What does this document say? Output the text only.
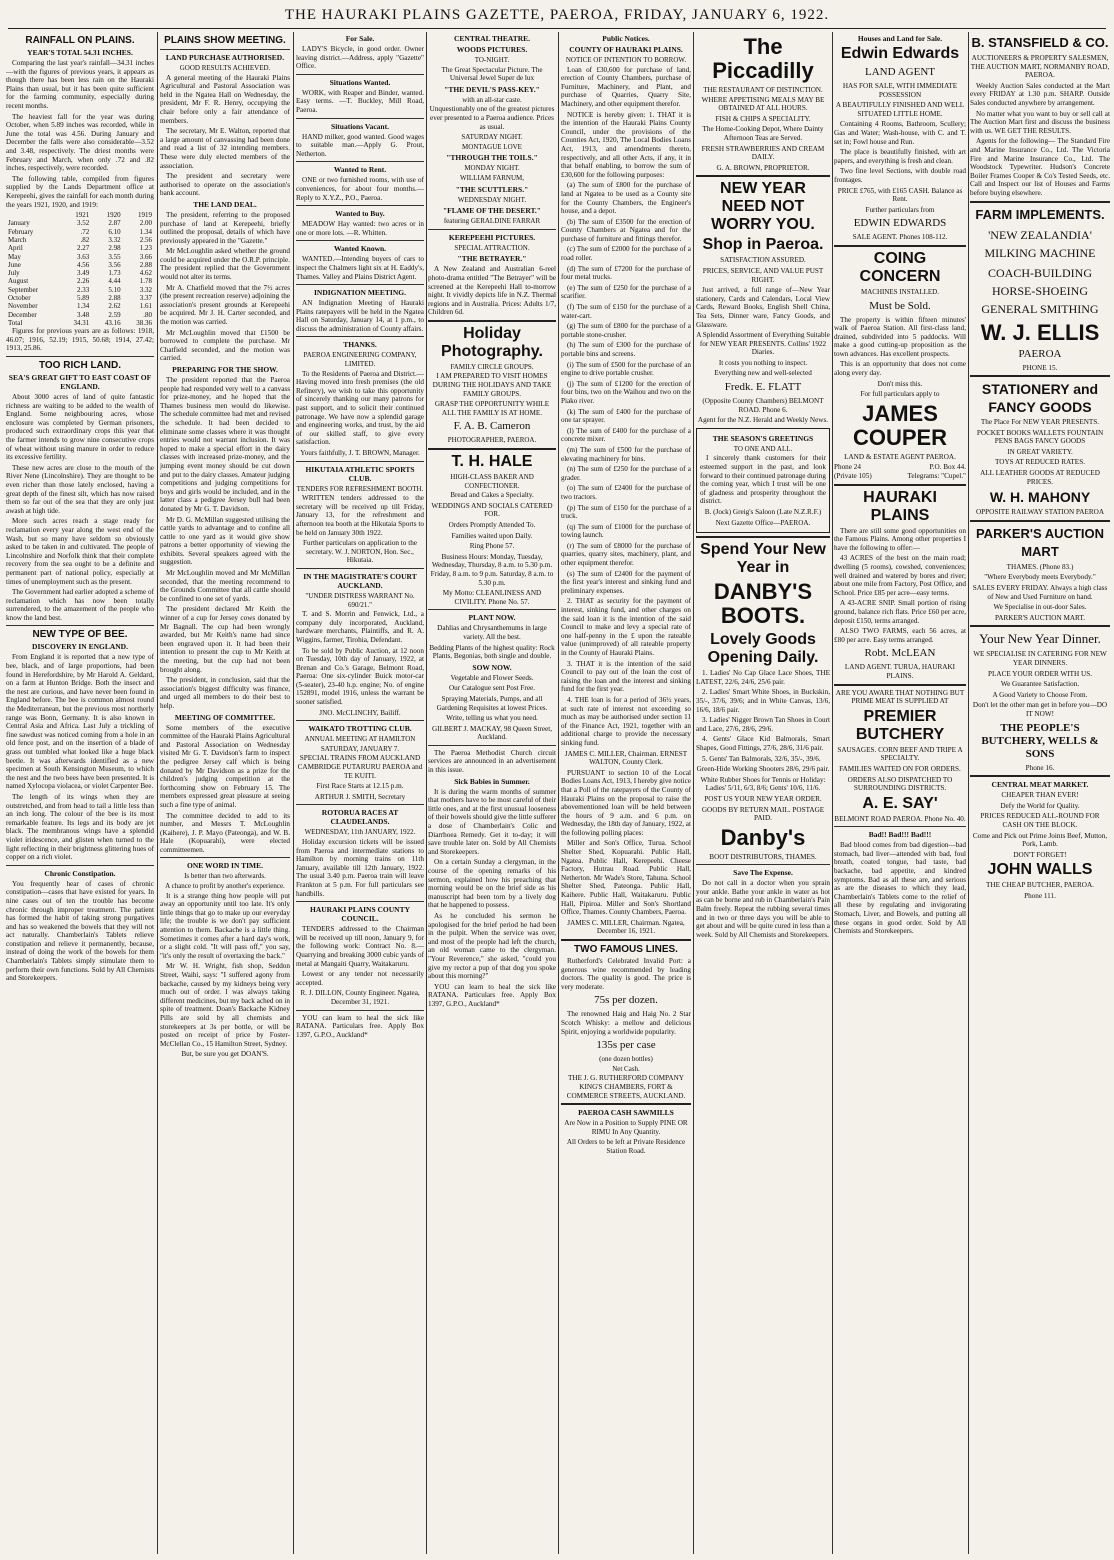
THE HAURAKI PLAINS GAZETTE, PAEROA, FRIDAY, JANUARY 6, 1922.
RAINFALL ON PLAINS.
YEAR'S TOTAL 54.31 INCHES.

Comparing the last year's rainfall—34.31 inches—with the figures of previous years, it appears as though there has been less rain on the Hauraki Plains than usual, but it has been quite sufficient for the farming community, especially during recent months.

The heaviest fall for the year was during October, when 5.89 inches was recorded, while in June the total was 4.56. During January and December the falls were also considerable—3.52 and 3.48, respectively. The driest months were February and March, when only .72 and .82 inches, respectively, were recorded.

The following table, compiled from figures supplied by the Lands Department office at Kerepeehi, gives the rainfall for each month during the years 1921, 1920, and 1919:

	1921	1920	1919
January	3.52	2.87	2.00
February	.72	6.10	1.34
March	.82	3.32	2.56
April	2.27	2.98	1.23
May	3.63	3.55	3.66
June	4.56	3.56	2.88
July	3.49	1.73	4.62
August	2.26	4.44	1.78
September	2.33	5.10	3.32
October	5.89	2.88	3.37
November	1.34	2.62	1.61
December	3.48	2.59	.80
Total	34.31	43.16	38.36

Figures for previous years are as follows: 1918, 46.07; 1916, 52.19; 1915, 50.68; 1914, 27.42; 1913, 25.86.

TOO RICH LAND.
SEA'S GREAT GIFT TO EAST COAST OF ENGLAND.

About 3000 acres of land of quite fantastic richness are waiting to be added to the wealth of England. Some neighbouring acres, whose enclosure was completed by German prisoners, produced such extraordinary crops this year that the farmer intends to grow nine consecutive crops of wheat without using manure in order to reduce its excessive fertility.

These new acres are close to the mouth of the River Nene (Lincolnshire). They are thought to be even richer than those lately enclosed, having a great depth of the finest silt, which has now raised them so far out of the sea that they are only just awash at high tide.

More such acres reach a stage ready for reclamation every year along the west end of the Wash, but so many have seldom so obviously asked to be taken in and cultivated. The people of Lincolnshire and Norfolk think that their complete recovery from the sea ought to be a definite and permanent part of national policy, especially at times of unemployment such as the present.

The Government had earlier adopted a scheme of reclamation which has now been totally surrendered, to the amazement of the people who know the land best.

NEW TYPE OF BEE.
DISCOVERY IN ENGLAND.

From England it is reported that a new type of bee, black, and of large proportions, had been found in Herefordshire, by Mr Harold A. Geldard, on a farm at Hunton Bridge. Both the insect and the nest are curious, and have never been found in England before. The bee is common almost round the Mediterranean, but the previous most northerly range was Bonn, Germany. It is also known in Central Asia and Africa. Last July a trickling of fine sawdust was noticed coming from a hole in an old fence post, and on the insertion of a blade of grass out tumbled what looked like a huge black beetle. It was afterwards identified as a new specimen at South Kensington Museum, to which the nest and the two bees have been presented. It is named Xylocopa violacea, or violet Carpenter Bee.

The length of its wings when they are outstretched, and from head to tail a little less than an inch long. The colour of the bee is its most remarkable feature. Its legs and its body are jet black. The membranous wings have a splendid violet iridescence, and glisten when turned to the light reflecting in their brightness glittering hues of copper on a rich violet.

Chronic Constipation.

You frequently hear of cases of chronic constipation—cases that have existed for years. In nine cases out of ten the trouble has become chronic through improper treatment. The patient has formed the habit of taking strong purgatives and has so weakened the bowels that they will not act naturally. Chamberlain's Tablets relieve constipation and relieve it permanently, because, instead of doing the work of the bowels for them Chamberlain's Tablets simply stimulate them to perform their own functions. Sold by All Chemists and Storekeepers.

PLAINS SHOW MEETING.
LAND PURCHASE AUTHORISED.
GOOD RESULTS ACHIEVED.

A general meeting of the Hauraki Plains Agricultural and Pastoral Association was held in the Ngatea Hall on Wednesday, the president, Mr F. R. Henry, occupying the chair before only a fair attendance of members.

The secretary, Mr E. Walton, reported that a large amount of canvassing had been done and read a list of 32 intending members. These were duly elected members of the association.

The president and secretary were authorised to operate on the association's bank account.

THE LAND DEAL.

The president, referring to the proposed purchase of land at Kerepeehi, briefly outlined the proposal, details of which have previously appeared in the "Gazette."

Mr McLoughlin asked whether the ground could be acquired under the O.R.P. principle. The president replied that the Government would not alter its terms.

Mr A. Chatfield moved that the 7½ acres (the present recreation reserve) adjoining the association's present grounds at Kerepeehi be acquired. Mr J. H. Carter seconded, and the motion was carried.

Mr McLoughlin moved that £1500 be borrowed to complete the purchase. Mr Chatfield seconded, and the motion was carried.

PREPARING FOR THE SHOW.

The president reported that the Paeroa people had responded very well to a canvass for prize-money, and he hoped that the Thames business men would do likewise. The schedule committee had met and revised the schedule. It had been decided to eliminate some classes where it was thought entries would not warrant inclusion. It was hoped to make a special effort in the dairy classes with increased prize-money, and the jumping event money should be cut down and put to the dairy classes. Amateur judging competitions and judging competitions for boys and girls would be included, and in the latter class a pedigree Jersey bull had been donated by Mr G. T. Davidson.

Mr D. G. McMillan suggested utilising the cattle yards to advantage and to confine all cattle to one yard as it would give show patrons a better opportunity of viewing the exhibits. Several speakers agreed with the suggestion.

Mr McLoughlin moved and Mr McMillan seconded, that the meeting recommend to the Grounds Committee that all cattle should be confined to one set of yards.

The president declared Mr Keith the winner of a cup for Jersey cows donated by Mr Bagnall. The cup had been wrongly awarded, but Mr Keith's name had since been engraved upon it. It had been their intention to present the cup to Mr Keith at the meeting, but the cup had not been brought along.

The president, in conclusion, said that the association's biggest difficulty was finance, and urged all members to do their best to help.

MEETING OF COMMITTEE.

Some members of the executive committee of the Hauraki Plains Agricultural and Pastoral Association on Wednesday visited Mr G. T. Davidson's farm to inspect the pedigree Jersey calf which is being donated by Mr Davidson as a prize for the children's judging competition at the forthcoming show on February 15. The members expressed great pleasure at seeing such a fine type of animal.

The committee decided to add to its number, and Messrs T. McLoughlin (Kaihere), J. P. Mayo (Pateonga), and W. B. Hale (Kopuarahi), were elected committeemen.

ONE WORD IN TIME.
Is better than two afterwards.
A chance to profit by another's experience.

It is a strange thing how people will put away an opportunity until too late. It's only little things that go to make up our everyday life; the trouble is we don't pay sufficient attention to them. Backache is a little thing. Sometimes it comes after a hard day's work, or a slight cold. "It will pass off," you say, "it's only the result of overtaxing the back."

Mr W. H. Wright, fish shop, Seddon Street, Waihi, says: "I suffered agony from backache, caused by my kidneys being very much out of order. I was always taking different medicines, but my back ached on in spite of treatment. Doan's Backache Kidney Pills are sold by all chemists and storekeepers at 3s per bottle, or will be posted on receipt of price by Foster-McClellan Co., 15 Hamilton Street, Sydney.

But, be sure you get DOAN'S.

For Sale.

LADY'S Bicycle, in good order. Owner leaving district.—Address, apply "Gazette" Office.

Situations Wanted.

WORK, with Reaper and Binder, wanted. Easy terms. —T. Buckley, Mill Road, Paeroa.

Situations Vacant.

HAND milker, good wanted. Good wages to suitable man.—Apply G. Prout, Netherton.

Wanted to Rent.

ONE or two furnished rooms, with use of conveniences, for about four months.—Reply to X.Y.Z., P.O., Paeroa.

Wanted to Buy.

MEADOW Hay wanted: two acres or in one or more lots. —R. Whitten.

Wanted Known.

WANTED.—Intending buyers of cars to inspect the Chalmers light six at H. Eaddy's, Thames. Valley and Plains District Agent.

INDIGNATION MEETING.

AN Indignation Meeting of Hauraki Plains ratepayers will be held in the Ngatea Hall on Saturday, January 14, at 1 p.m., to discuss the administration of County affairs.

THANKS.
PAEROA ENGINEERING COMPANY, LIMITED.

To the Residents of Paeroa and District.—Having moved into fresh premises (the old Refinery), we wish to take this opportunity of sincerely thanking our many patrons for past support, and to solicit their continued patronage. We have now a splendid garage and engineering works, and trust, by the aid of our skilled staff, to give every satisfaction.

Yours faithfully, J. T. BROWN, Manager.

HIKUTAIA ATHLETIC SPORTS CLUB.
TENDERS FOR REFRESHMENT BOOTH.

WRITTEN tenders addressed to the secretary will be received up till Friday, January 13, for the refreshment and afternoon tea booth at the Hikutaia Sports to be held on January 30th 1922.

Further particulars on application to the secretary. W. J. NORTON, Hon. Sec., Hikutaia.

IN THE MAGISTRATE'S COURT AUCKLAND.
"UNDER DISTRESS WARRANT No. 690/21."

T. and S. Morrin and Fenwick, Ltd., a company duly incorporated, Auckland, hardware merchants, Plaintiffs, and R. A. Wiggins, farmer, Tirohia, Defendant.

To be sold by Public Auction, at 12 noon on Tuesday, 10th day of January, 1922, at Brenan and Co.'s Garage, Belmont Road, Paeroa: One six-cylinder Buick motor-car (5-seater), 23-40 h.p. engine; No. of engine 152891, model 1916, unless the warrant be sooner satisfied.

JNO. McCLINCHY, Bailiff.

WAIKATO TROTTING CLUB.
ANNUAL MEETING AT HAMILTON
SATURDAY, JANUARY 7.

SPECIAL TRAINS FROM AUCKLAND CAMBRIDGE PUTARURU PAEROA and TE KUITI.

First Race Starts at 12.15 p.m.

ARTHUR J. SMITH, Secretary

ROTORUA RACES AT CLAUDELANDS.
WEDNESDAY, 11th JANUARY, 1922.

Holiday excursion tickets will be issued from Paeroa and intermediate stations to Hamilton by morning trains on 11th January, available till 12th January, 1922. The usual 3.40 p.m. Paeroa train will leave Frankton at 5 p.m. For full particulars see handbills.

HAURAKI PLAINS COUNTY COUNCIL.

TENDERS addressed to the Chairman will be received up till noon, January 9, for the following work: Contract No. 8.—Quarrying and breaking 3000 cubic yards of metal at Mangaiti Quarry, Waitakaruru.

Lowest or any tender not necessarily accepted.

R. J. DILLON, County Engineer. Ngatea, December 31, 1921.

YOU can learn to heal the sick like RATANA. Particulars free. Apply Box 1397, G.P.O., Auckland*

CENTRAL THEATRE.
WOODS PICTURES.
TO-NIGHT.

The Great Spectacular Picture. The Universal Jewel Super de lux

"THE DEVIL'S PASS-KEY."
with an all-star caste.

Unquestionably one of the greatest pictures ever presented to a Paeroa audience. Prices as usual.

SATURDAY NIGHT.
MONTAGUE LOVE
"THROUGH THE TOILS."
MONDAY NIGHT.
WILLIAM FARNUM,
"THE SCUTTLERS."
WEDNESDAY NIGHT.
"FLAME OF THE DESERT."
featuring GERALDINE FARRAR
KEREPEEHI PICTURES.
SPECIAL ATTRACTION.
"THE BETRAYER."

A New Zealand and Australian 6-reel photo-drama entitled "The Betrayer" will be screened at the Kerepeehi Hall to-morrow night. It vividly depicts life in N.Z. Thermal regions and in Australia. Prices: Adults 1/7, Children 6d.

Holiday Photography.
FAMILY CIRCLE GROUPS.

I AM PREPARED TO VISIT HOMES DURING THE HOLIDAYS AND TAKE FAMILY GROUPS.

GRASP THE OPPORTUNITY WHILE ALL THE FAMILY IS AT HOME.

F. A. B. Cameron
PHOTOGRAPHER, PAEROA.
T. H. HALE
HIGH-CLASS BAKER AND CONFECTIONER.

Bread and Cakes a Specialty.

WEDDINGS AND SOCIALS CATERED FOR.

Orders Promptly Attended To.

Families waited upon Daily.

Ring Phone 57.

Business Hours: Monday, Tuesday, Wednesday, Thursday, 8 a.m. to 5.30 p.m. Friday, 8 a.m. to 9 p.m. Saturday, 8 a.m. to 5.30 p.m.

My Motto: CLEANLINESS AND CIVILITY. Phone No. 57.

PLANT NOW.

Dahlias and Chrysanthemums in large variety. All the best.

Bedding Plants of the highest quality: Rock Plants, Begonias, both single and double.

SOW NOW.

Vegetable and Flower Seeds.

Our Catalogue sent Post Free.

Spraying Materials, Pumps, and all Gardening Requisites at lowest Prices.

Write, telling us what you need.

GILBERT J. MACKAY, 98 Queen Street, Auckland.

The Paeroa Methodist Church circuit services are announced in an advertisement in this issue.

Sick Babies in Summer.

It is during the warm months of summer that mothers have to be most careful of their little ones, and at the first unusual looseness of their bowels should give the little sufferer a dose of Chamberlain's Colic and Diarrhoea Remedy. Get it to-day; it will save trouble later on. Sold by All Chemists and Storekeepers.

On a certain Sunday a clergyman, in the course of the opening remarks of his sermon, explained how his preaching that morning would be on the brief side as his manuscript had been torn by a lively dog that he happened to possess.

As he concluded his sermon he apologised for the brief period he had been in the pulpit. When the service was over, and most of the people had left the church, an old woman came to the clergyman. "Your Reverence," she asked, "could you give my rector a pup of that dog you spoke about this morning?"

YOU can learn to heal the sick like RATANA. Particulars free. Apply Box 1397, G.P.O., Auckland*

Public Notices.
COUNTY OF HAURAKI PLAINS.
NOTICE OF INTENTION TO BORROW.

Loan of £30,600 for purchase of land, erection of County Chambers, purchase of Furniture, Machinery, and Plant, and purchase of Quarries, Quarry Site, Machinery, and other equipment therefor.

NOTICE is hereby given: 1. THAT it is the intention of the Hauraki Plains County Council, under the provisions of the Counties Act, 1920, The Local Bodies Loans Act, 1913, and amendments thereto, respectively, and all other Acts, if any, it in that behalf enabling, to borrow the sum of £30,600 for the following purposes:

(a) The sum of £800 for the purchase of land at Ngatea to be used as a County site for the County Chambers, the Engineer's house, and a depot.

(b) The sum of £3500 for the erection of County Chambers at Ngatea and for the purchase of furniture and fittings therefor.

(c) The sum of £2000 for the purchase of a road roller.

(d) The sum of £7200 for the purchase of four metal trucks.

(e) The sum of £250 for the purchase of a scarifier.

(f) The sum of £150 for the purchase of a water-cart.

(g) The sum of £800 for the purchase of a portable stone-crusher.

(h) The sum of £300 for the purchase of portable bins and screens.

(i) The sum of £500 for the purchase of an engine to drive portable crusher.

(j) The sum of £1200 for the erection of four bins, two on the Waihou and two on the Piako river.

(k) The sum of £400 for the purchase of one tar sprayer.

(l) The sum of £400 for the purchase of a concrete mixer.

(m) The sum of £500 for the purchase of elevating machinery for bins.

(n) The sum of £250 for the purchase of a grader.

(o) The sum of £2400 for the purchase of two tractors.

(p) The sum of £150 for the purchase of a truck.

(q) The sum of £1000 for the purchase of towing launch.

(r) The sum of £8000 for the purchase of quarries, quarry sites, machinery, plant, and other equipment therefor.

(s) The sum of £2400 for the payment of the first year's interest and sinking fund and preliminary expenses.

2. THAT as security for the payment of interest, sinking fund, and other charges on the said loan it is the intention of the said Council to make and levy a special rate of one half-penny in the £ upon the rateable value (unimproved) of all rateable property in the County of Hauraki Plains.

3. THAT it is the intention of the said Council to pay out of the loan the cost of raising the loan and the interest and sinking fund for the first year.

4. THE loan is for a period of 36½ years, at such rate of interest not exceeding so much as may be authorised under section 11 of the Finance Act, 1921, together with an additional charge to provide the necessary sinking fund.

JAMES C. MILLER, Chairman. ERNEST WALTON, County Clerk.

PURSUANT to section 10 of the Local Bodies Loans Act, 1913, I hereby give notice that a Poll of the ratepayers of the County of Hauraki Plains on the proposal to raise the abovementioned loan will be held between the hours of 9 a.m. and 6 p.m. on Wednesday, the 18th day of January, 1922, at the following polling places:

Miller and Son's Office, Turua. School Shelter Shed, Kopuarahi. Public Hall, Ngatea. Public Hall, Kerepeehi. Cheese Factory, Hutrau Road. Public Hall, Netherton. Mr Wade's Store, Tahuna. School Shelter Shed, Pateonga. Public Hall, Kaihere. Public Hall, Waitakaruru. Public Hall, Pipiroa. Miller and Son's Shortland Office, Thames. County Chambers, Paeroa.

JAMES C. MILLER, Chairman. Ngatea, December 16, 1921.

TWO FAMOUS LINES.

Rutherford's Celebrated Invalid Port: a generous wine recommended by leading doctors. The quality is good. The price is very moderate.

75s per dozen.

The renowned Haig and Haig No. 2 Star Scotch Whisky: a mellow and delicious Spirit, enjoying a worldwide popularity.

135s per case
(one dozen bottles)
Net Cash.

THE J. G. RUTHERFORD COMPANY KING'S CHAMBERS, FORT & COMMERCE STREETS, AUCKLAND.

PAEROA CASH SAWMILLS

Are Now in a Position to Supply PINE OR RIMU In Any Quantity.

All Orders to be left at Private Residence Station Road.

The Piccadilly
THE RESTAURANT OF DISTINCTION.

WHERE APPETISING MEALS MAY BE OBTAINED AT ALL HOURS.

FISH & CHIPS A SPECIALITY.

The Home-Cooking Depot, Where Dainty Afternoon Teas are Served.

FRESH STRAWBERRIES AND CREAM DAILY.

G. A. BROWN, PROPRIETOR.

NEW YEAR NEED NOT WORRY YOU.
Shop in Paeroa.

SATISFACTION ASSURED.

PRICES, SERVICE, AND VALUE PUST RIGHT.

Just arrived, a full range of—New Year stationery, Cards and Calendars, Local View Cards, Reward Books, English Shell China, Tea Sets, Dinner ware, Fancy Goods, and Glassware.

A Splendid Assortment of Everything Suitable for NEW YEAR PRESENTS. Collins' 1922 Diaries.

It costs you nothing to inspect.

Everything new and well-selected

Fredk. E. FLATT

(Opposite County Chambers) BELMONT ROAD. Phone 6.

Agent for the N.Z. Herald and Weekly News.

THE SEASON'S GREETINGS
TO ONE AND ALL.

I sincerely thank customers for their esteemed support in the past, and look forward to their continued patronage during the coming year, which I trust will be one of gladness and prosperity throughout the district.

B. (Jock) Greig's Saloon (Late N.Z.R.F.)

Next Gazette Office—PAEROA.

Spend Your New Year in
DANBY'S BOOTS.
Lovely Goods Opening Daily.

1. Ladies' No Cap Glace Lace Shoes, THE LATEST, 22/6, 24/6, 25/6 pair.

2. Ladies' Smart White Shoes, in Buckskin, 35/-, 37/6, 39/6; and in White Canvas, 13/6, 16/6, 18/6 pair.

3. Ladies' Nigger Brown Tan Shoes in Court and Lace, 27/6, 28/6, 29/6.

4. Gents' Glace Kid Balmorals, Smart Shapes, Good Fittings, 27/6, 28/6, 31/6 pair.

5. Gents' Tan Balmorals, 32/6, 35/-, 39/6.

Green-Hide Working Shooters 28/6, 29/6 pair.

White Rubber Shoes for Tennis or Holiday: Ladies' 5/11, 6/3, 8/6; Gents' 10/6, 11/6.

POST US YOUR NEW YEAR ORDER.

GOODS BY RETURN MAIL. POSTAGE PAID.

Danby's

BOOT DISTRIBUTORS, THAMES.

Save The Expense.

Do not call in a doctor when you sprain your ankle. Bathe your ankle in water as hot as can be borne and rub in Chamberlain's Pain Balm freely. Repeat the rubbing several times and in two or three days you will be able to get about and will be quite cured in less than a week. Sold by All Chemists and Storekeepers.

Houses and Land for Sale.
Edwin Edwards
LAND AGENT

HAS FOR SALE, WITH IMMEDIATE POSSESSION

A BEAUTIFULLY FINISHED AND WELL SITUATED LITTLE HOME.

Containing 4 Rooms, Bathroom, Scullery; Gas and Water; Wash-house, with C. and T. set in; Fowl house and Run.

The place is beautifully finished, with art papers, and everything is fresh and clean.

Two fine level Sections, with double road frontages.

PRICE £765, with £165 CASH. Balance as Rent.

Further particulars from

EDWIN EDWARDS

SALE AGENT. Phones 108-112.

COING CONCERN
MACHINES INSTALLED.
Must be Sold.

The property is within fifteen minutes' walk of Paeroa Station. All first-class land, drained, subdivided into 5 paddocks. Will make a good cutting-up proposition as the town advances. Has excellent prospects.

This is an opportunity that does not come along every day.

Don't miss this.

For full particulars apply to

JAMES COUPER

LAND & ESTATE AGENT PAEROA.

Phone 24	P.O. Box 44.
(Private 105)	Telegrams: "Cupel."
HAURAKI PLAINS

There are still some good opportunities on the Famous Plains. Among other properties I have the following to offer:—

43 ACRES of the best on the main road; dwelling (5 rooms), cowshed, conveniences; well drained and watered by bores and river; about one mile from Factory, Post Office, and School. Price £85 per acre—easy terms.

A 43-ACRE SNIP. Small portion of rising ground, balance rich flats. Price £60 per acre, deposit £150, terms arranged.

ALSO TWO FARMS, each 56 acres, at £80 per acre. Easy terms arranged.

Robt. McLEAN

LAND AGENT. TURUA, HAURAKI PLAINS.

ARE YOU AWARE THAT NOTHING BUT PRIME MEAT IS SUPPLIED AT

PREMIER BUTCHERY

SAUSAGES. CORN BEEF AND TRIPE A SPECIALTY.

FAMILIES WAITED ON FOR ORDERS.

ORDERS ALSO DISPATCHED TO SURROUNDING DISTRICTS.

A. E. SAY'

BELMONT ROAD PAEROA. Phone No. 40.

Bad!! Bad!!! Bad!!!

Bad blood comes from bad digestion—bad stomach, bad liver—attended with bad, foul breath, coated tongue, bad taste, bad backache, bad appetite, and kindred symptoms. Bad as all these are, and serious as are the diseases to which they lead, Chamberlain's Tablets come to the relief of all these by regulating and invigorating Stomach, Liver, and Bowels, and putting all these organs in good order. Sold by All Chemists and Storekeepers.

B. STANSFIELD & CO.

AUCTIONEERS & PROPERTY SALESMEN, THE AUCTION MART, NORMANBY ROAD, PAEROA.

Weekly Auction Sales conducted at the Mart every FRIDAY at 1.30 p.m. SHARP. Outside Sales conducted anywhere by arrangement.

No matter what you want to buy or sell call at The Auction Mart first and discuss the business with us. WE GET THE RESULTS.

Agents for the following— The Standard Fire and Marine Insurance Co., Ltd. The Victoria Fire and Marine Insurance Co., Ltd. The Woodstock Typewriter. Hudson's Concrete Boiler Frames Cooper & Co's Tested Seeds, etc. Call and Inspect our list of Houses and Farms before buying elsewhere.

FARM IMPLEMENTS.
'NEW ZEALANDIA' MILKING MACHINE
COACH-BUILDING HORSE-SHOEING GENERAL SMITHING
W. J. ELLIS
PAEROA

PHONE 15.

STATIONERY and FANCY GOODS

The Place For NEW YEAR PRESENTS.

POCKET BOOKS WALLETS FOUNTAIN PENS BAGS FANCY GOODS

IN GREAT VARIETY.

TOYS AT REDUCED RATES.

ALL LEATHER GOODS AT REDUCED PRICES.

W. H. MAHONY

OPPOSITE RAILWAY STATION PAEROA

PARKER'S AUCTION MART

THAMES. (Phone 83.)

"Where Everybody meets Everybody."

SALES EVERY FRIDAY. Always a high class of New and Used Furniture on hand.

We Specialise in out-door Sales.

PARKER'S AUCTION MART.

Your New Year Dinner.

WE SPECIALISE IN CATERING FOR NEW YEAR DINNERS.

PLACE YOUR ORDER WITH US.

We Guarantee Satisfaction.

A Good Variety to Choose From.

Don't let the other man get in before you—DO IT NOW!

THE PEOPLE'S BUTCHERY, WELLS & SONS

Phone 16.

CENTRAL MEAT MARKET.

CHEAPER THAN EVER!

Defy the World for Quality.

PRICES REDUCED ALL-ROUND FOR CASH ON THE BLOCK.

Come and Pick out Prime Joints Beef, Mutton, Pork, Lamb.

DON'T FORGET!

JOHN WALLS

THE CHEAP BUTCHER, PAEROA.

Phone 111.
